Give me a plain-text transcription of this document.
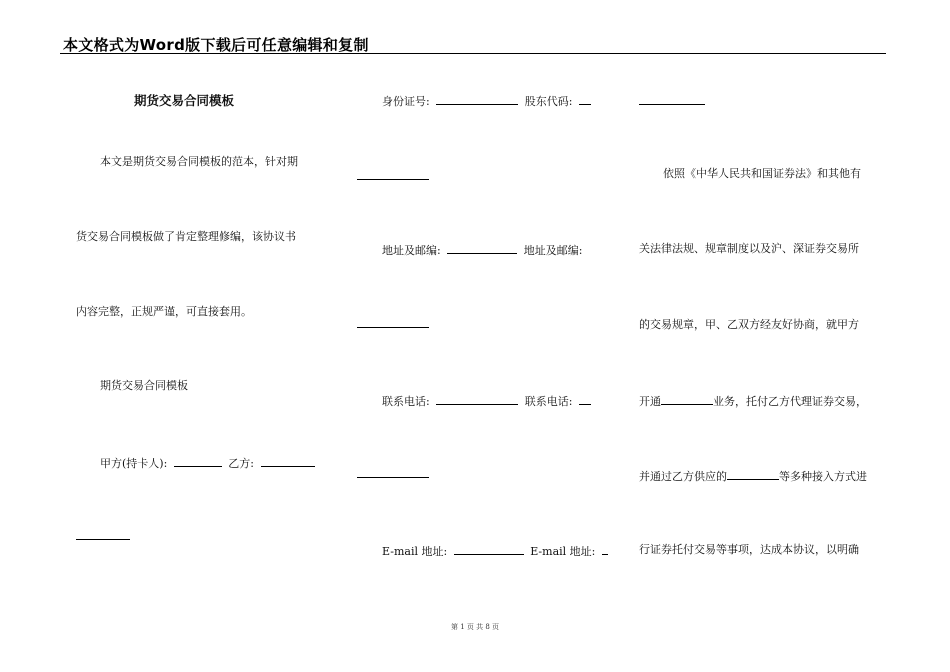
本文格式为Word版下载后可任意编辑和复制
期货交易合同模板
本文是期货交易合同模板的范本，针对期
货交易合同模板做了肯定整理修编，该协议书
内容完整，正规严谨，可直接套用。
期货交易合同模板
甲方(持卡人):	乙方:
身份证号:	股东代码:
地址及邮编:	地址及邮编:
联系电话:	联系电话:
E-mail 地址:	E-mail 地址:
依照《中华人民共和国证券法》和其他有
关法律法规、规章制度以及沪、深证券交易所
的交易规章，甲、乙双方经友好协商，就甲方
开通	业务，托付乙方代理证券交易，
并通过乙方供应的	等多种接入方式进
行证券托付交易等事项，达成本协议，以明确
第 1 页 共 8 页
